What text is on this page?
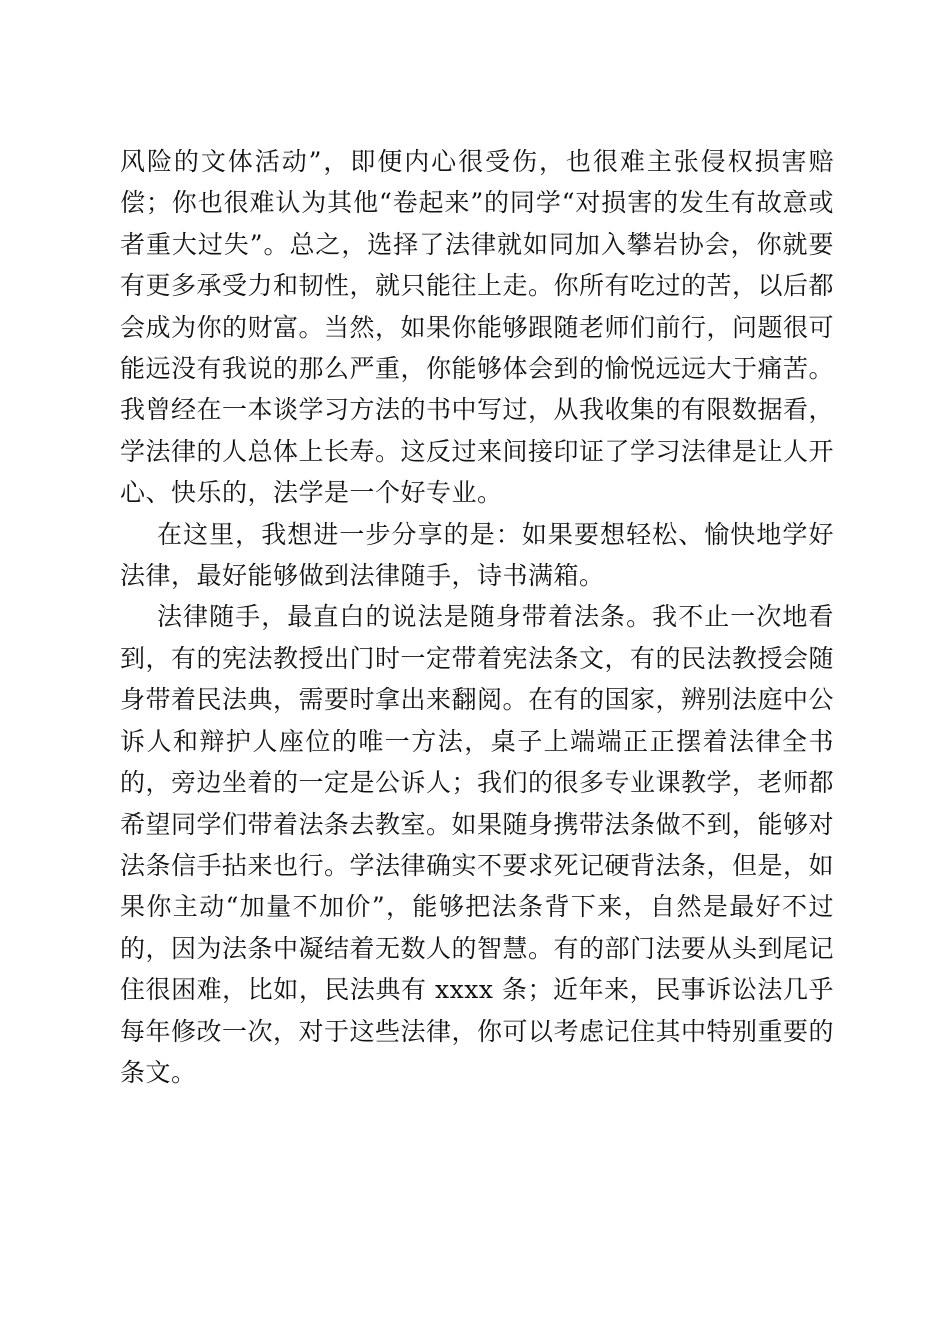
风险的文体活动”，即便内心很受伤，也很难主张侵权损害赔偿；你也很难认为其他“卷起来”的同学“对损害的发生有故意或者重大过失”。总之，选择了法律就如同加入攀岩协会，你就要有更多承受力和韧性，就只能往上走。你所有吃过的苦，以后都会成为你的财富。当然，如果你能够跟随老师们前行，问题很可能远没有我说的那么严重，你能够体会到的愉悦远远大于痛苦。我曾经在一本谈学习方法的书中写过，从我收集的有限数据看，学法律的人总体上长寿。这反过来间接印证了学习法律是让人开心、快乐的，法学是一个好专业。

在这里，我想进一步分享的是：如果要想轻松、愉快地学好法律，最好能够做到法律随手，诗书满箱。

法律随手，最直白的说法是随身带着法条。我不止一次地看到，有的宪法教授出门时一定带着宪法条文，有的民法教授会随身带着民法典，需要时拿出来翻阅。在有的国家，辨别法庭中公诉人和辩护人座位的唯一方法，桌子上端端正正摆着法律全书的，旁边坐着的一定是公诉人；我们的很多专业课教学，老师都希望同学们带着法条去教室。如果随身携带法条做不到，能够对法条信手拈来也行。学法律确实不要求死记硬背法条，但是，如果你主动“加量不加价”，能够把法条背下来，自然是最好不过的，因为法条中凝结着无数人的智慧。有的部门法要从头到尾记住很困难，比如，民法典有 xxxx 条；近年来，民事诉讼法几乎每年修改一次，对于这些法律，你可以考虑记住其中特别重要的条文。
